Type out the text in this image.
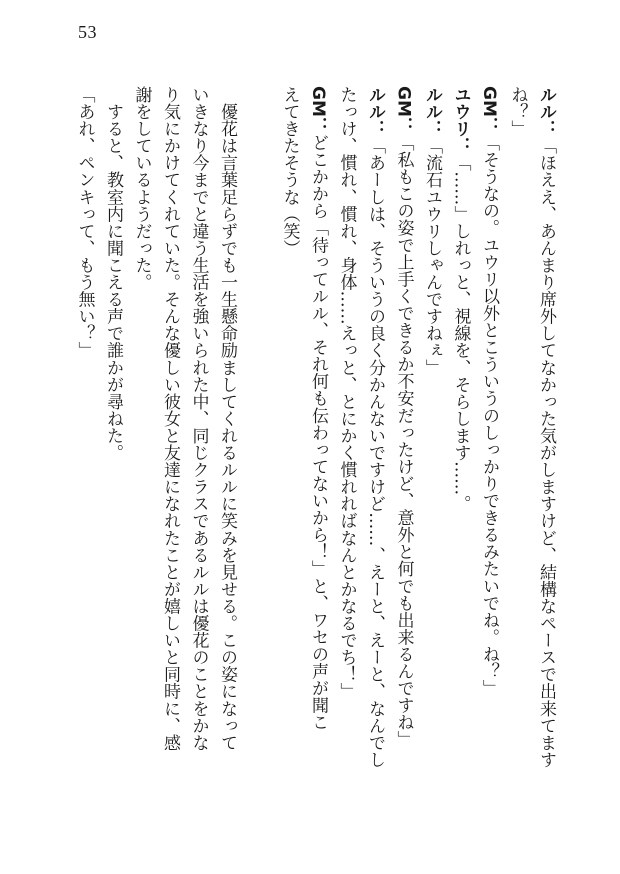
53
ルル：「ほええ、あんまり席外してなかった気がしますけど、結構なペースで出来てます
ね？」
GM：「そうなの。ユウリ以外とこういうのしっかりできるみたいでね。ね？」
ユウリ：「……」しれっと、視線を、そらします……。
ルル：「流石ユウリしゃんですねぇ」
GM：「私もこの姿で上手くできるか不安だったけど、意外と何でも出来るんですね」
ルル：「あーしは、そういうの良く分かんないですけど……、えーと、えーと、なんでし
たっけ、慣れ、慣れ、身体……えっと、とにかく慣れればなんとかなるでち！」
GM：どこかから「待ってルル、それ何も伝わってないから！」と、ワセの声が聞こ
えてきたそうな（笑）
　優花は言葉足らずでも一生懸命励ましてくれるルルに笑みを見せる。この姿になって
いきなり今までと違う生活を強いられた中、同じクラスであるルルは優花のことをかな
り気にかけてくれていた。そんな優しい彼女と友達になれたことが嬉しいと同時に、感
謝をしているようだった。
　すると、教室内に聞こえる声で誰かが尋ねた。
「あれ、ペンキって、もう無い？」
